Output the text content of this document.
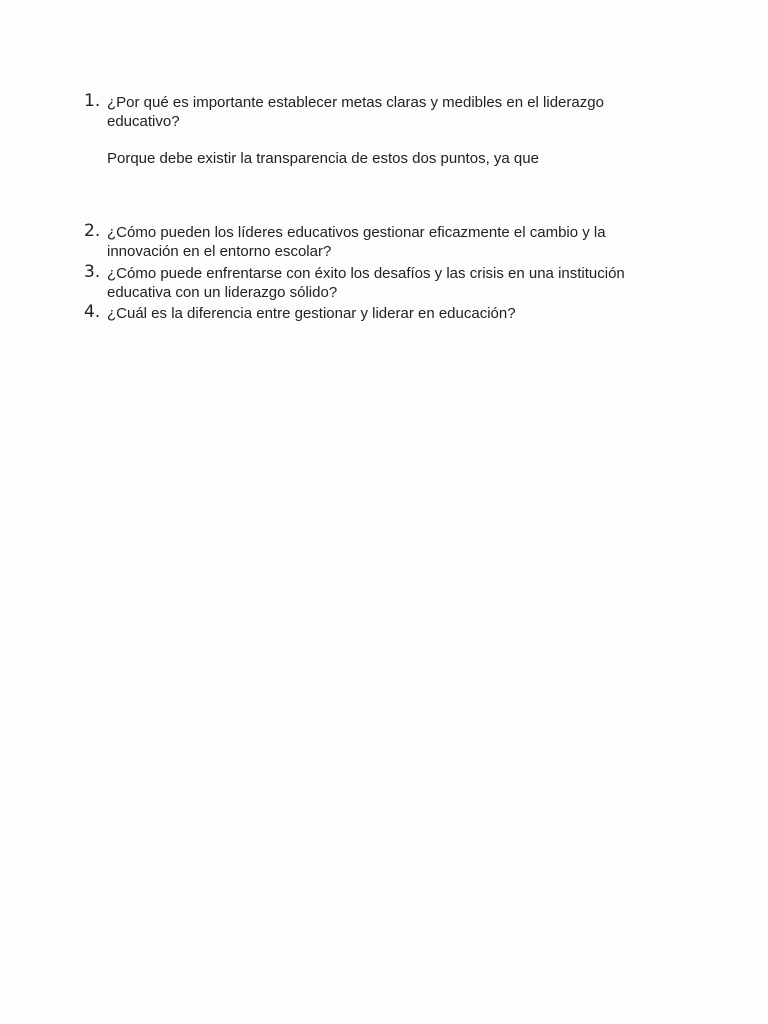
1. ¿Por qué es importante establecer metas claras y medibles en el liderazgo educativo?
Porque debe existir la transparencia de estos dos puntos, ya que
2. ¿Cómo pueden los líderes educativos gestionar eficazmente el cambio y la innovación en el entorno escolar?
3. ¿Cómo puede enfrentarse con éxito los desafíos y las crisis en una institución educativa con un liderazgo sólido?
4. ¿Cuál es la diferencia entre gestionar y liderar en educación?
